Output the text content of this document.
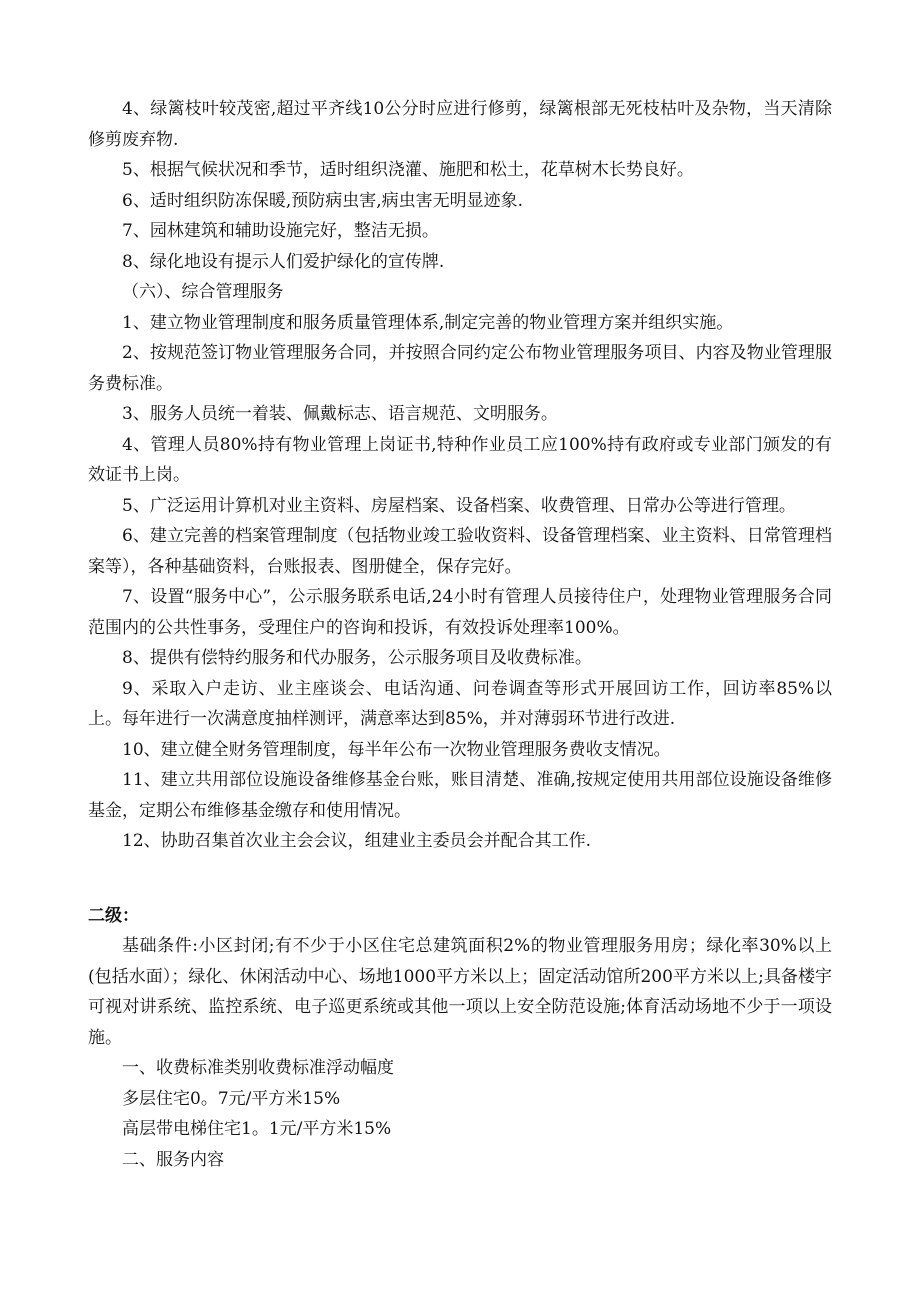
4、绿篱枝叶较茂密,超过平齐线10公分时应进行修剪，绿篱根部无死枝枯叶及杂物，当天清除修剪废弃物.

5、根据气候状况和季节，适时组织浇灌、施肥和松土，花草树木长势良好。

6、适时组织防冻保暖,预防病虫害,病虫害无明显迹象.

7、园林建筑和辅助设施完好，整洁无损。

8、绿化地设有提示人们爱护绿化的宣传牌.

（六）、综合管理服务

1、建立物业管理制度和服务质量管理体系,制定完善的物业管理方案并组织实施。

2、按规范签订物业管理服务合同，并按照合同约定公布物业管理服务项目、内容及物业管理服务费标准。

3、服务人员统一着装、佩戴标志、语言规范、文明服务。

4、管理人员80%持有物业管理上岗证书,特种作业员工应100%持有政府或专业部门颁发的有效证书上岗。

5、广泛运用计算机对业主资料、房屋档案、设备档案、收费管理、日常办公等进行管理。

6、建立完善的档案管理制度（包括物业竣工验收资料、设备管理档案、业主资料、日常管理档案等），各种基础资料，台账报表、图册健全，保存完好。

7、设置“服务中心”，公示服务联系电话,24小时有管理人员接待住户，处理物业管理服务合同范围内的公共性事务，受理住户的咨询和投诉，有效投诉处理率100%。

8、提供有偿特约服务和代办服务，公示服务项目及收费标准。

9、采取入户走访、业主座谈会、电话沟通、问卷调查等形式开展回访工作，回访率85%以上。每年进行一次满意度抽样测评，满意率达到85%，并对薄弱环节进行改进.

10、建立健全财务管理制度，每半年公布一次物业管理服务费收支情况。

11、建立共用部位设施设备维修基金台账，账目清楚、准确,按规定使用共用部位设施设备维修基金，定期公布维修基金缴存和使用情况。

12、协助召集首次业主会会议，组建业主委员会并配合其工作.

二级：

基础条件:小区封闭;有不少于小区住宅总建筑面积2%的物业管理服务用房；绿化率30%以上(包括水面）；绿化、休闲活动中心、场地1000平方米以上；固定活动馆所200平方米以上;具备楼宇可视对讲系统、监控系统、电子巡更系统或其他一项以上安全防范设施;体育活动场地不少于一项设施。

一、收费标准类别收费标准浮动幅度

多层住宅0。7元/平方米15%

高层带电梯住宅1。1元/平方米15%

二、服务内容
